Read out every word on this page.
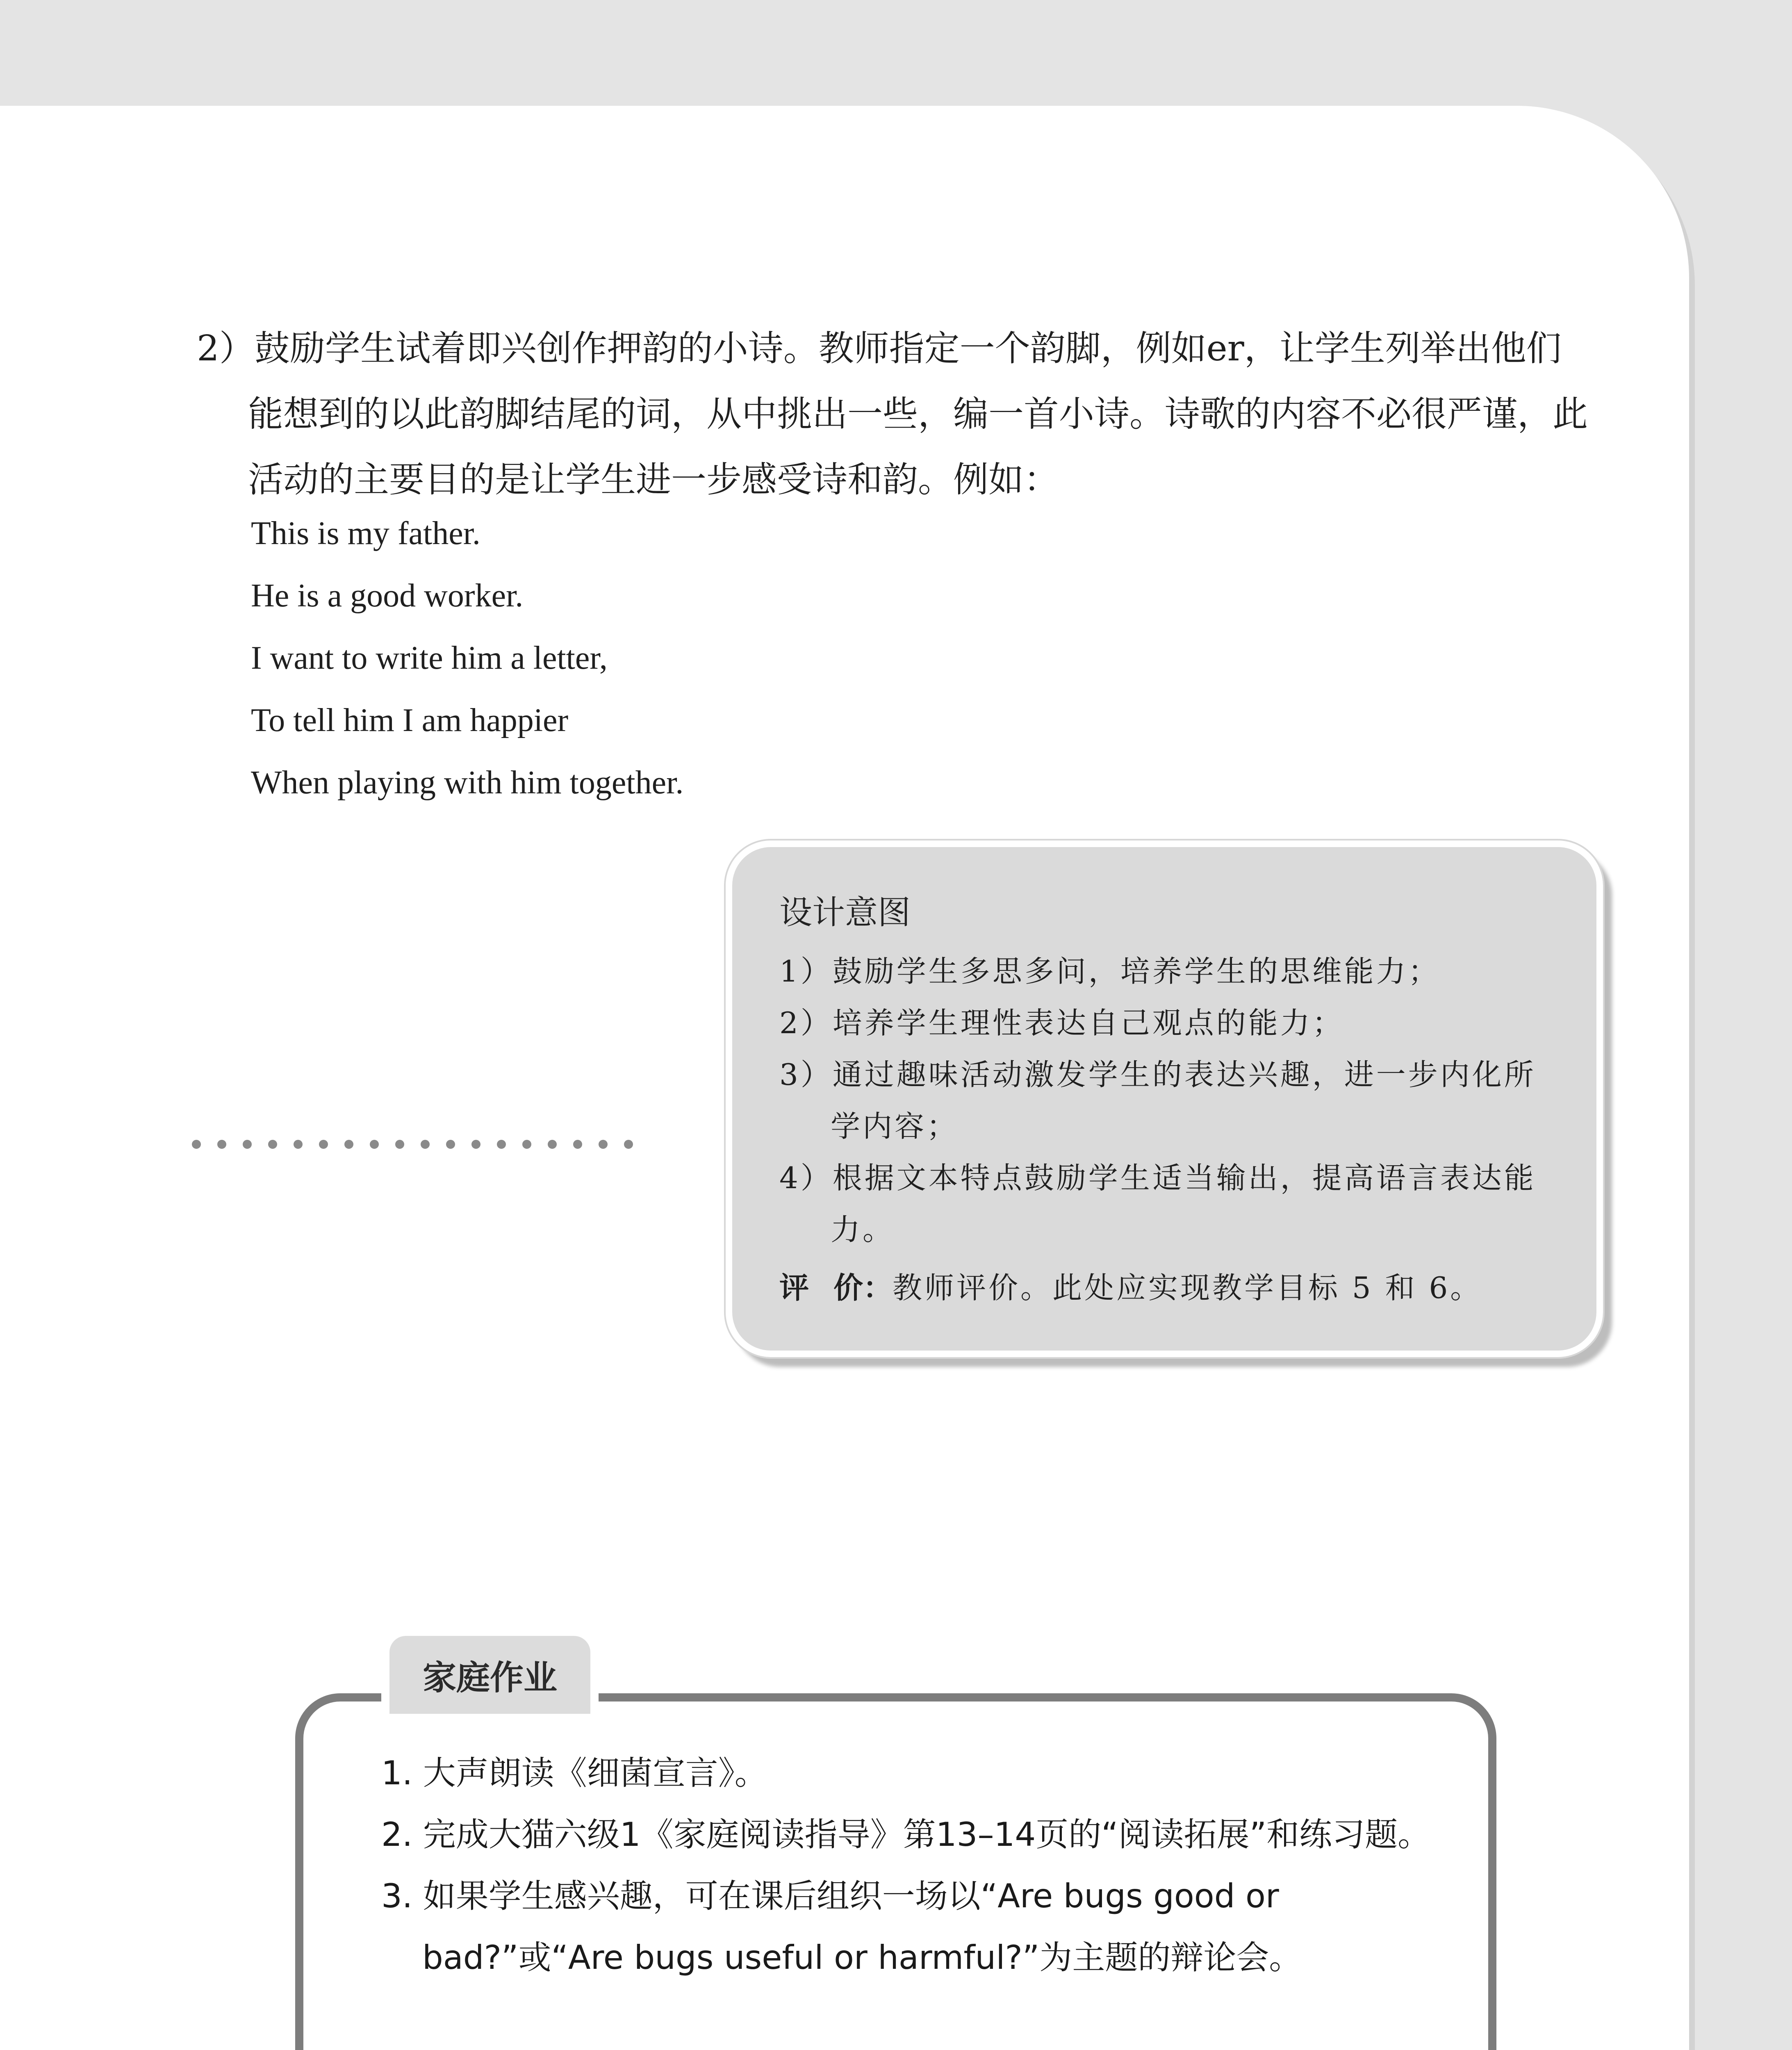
2）鼓励学生试着即兴创作押韵的小诗。教师指定一个韵脚，例如er，让学生列举出他们
能想到的以此韵脚结尾的词，从中挑出一些，编一首小诗。诗歌的内容不必很严谨，此活动的主要目的是让学生进一步感受诗和韵。例如：
This is my father.
He is a good worker.
I want to write him a letter,
To tell him I am happier
When playing with him together.
设计意图
1）鼓励学生多思多问，培养学生的思维能力；
2）培养学生理性表达自己观点的能力；
3）通过趣味活动激发学生的表达兴趣，进一步内化所学内容；
4）根据文本特点鼓励学生适当输出，提高语言表达能力。
评 价：教师评价。此处应实现教学目标 5 和 6。
家庭作业
1. 大声朗读《细菌宣言》。
2. 完成大猫六级1《家庭阅读指导》第13–14页的“阅读拓展”和练习题。
3. 如果学生感兴趣，可在课后组织一场以“Are bugs good or bad?”或“Are bugs useful or harmful?”为主题的辩论会。
